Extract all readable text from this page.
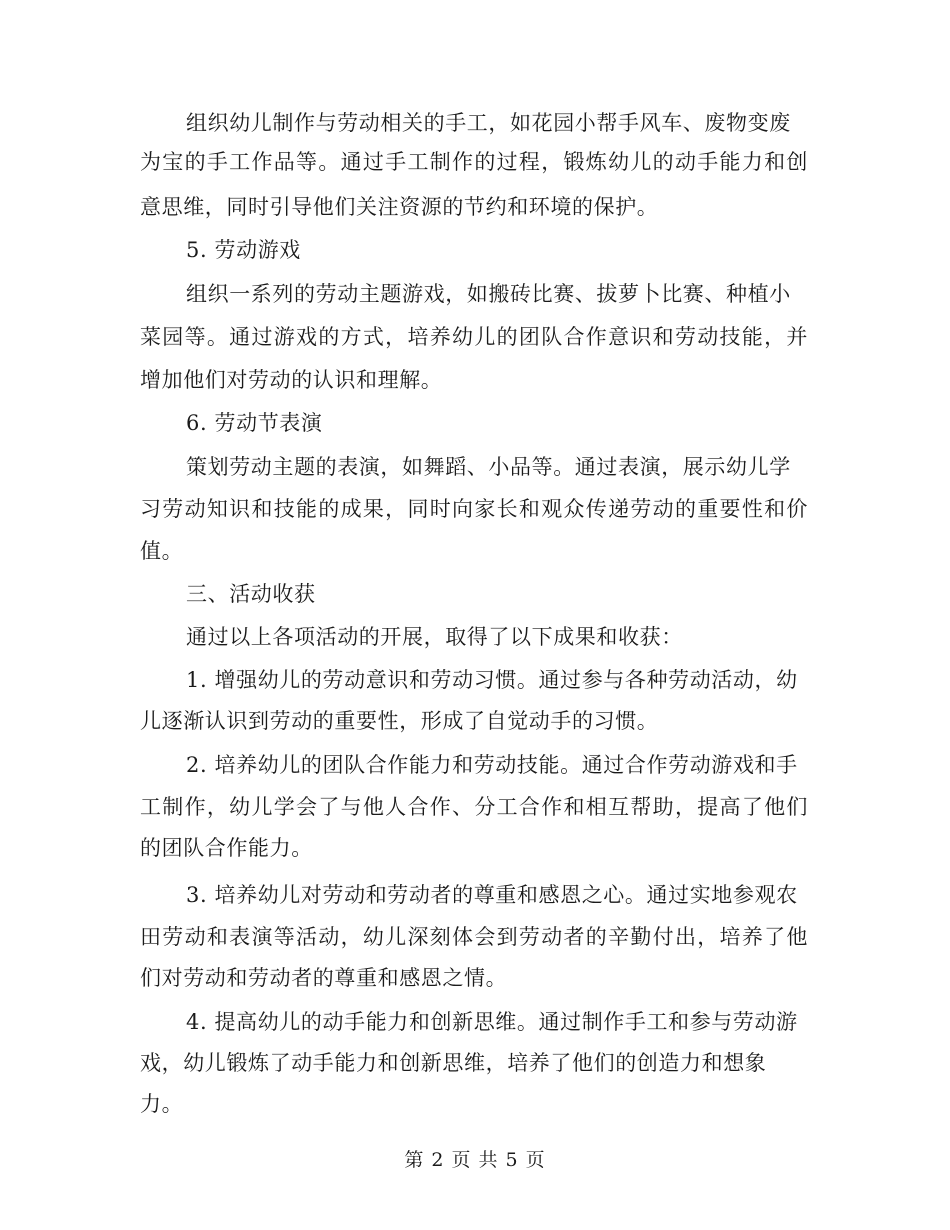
组织幼儿制作与劳动相关的手工，如花园小帮手风车、废物变废
为宝的手工作品等。通过手工制作的过程，锻炼幼儿的动手能力和创
意思维，同时引导他们关注资源的节约和环境的保护。
5. 劳动游戏
组织一系列的劳动主题游戏，如搬砖比赛、拔萝卜比赛、种植小
菜园等。通过游戏的方式，培养幼儿的团队合作意识和劳动技能，并
增加他们对劳动的认识和理解。
6. 劳动节表演
策划劳动主题的表演，如舞蹈、小品等。通过表演，展示幼儿学
习劳动知识和技能的成果，同时向家长和观众传递劳动的重要性和价
值。
三、活动收获
通过以上各项活动的开展，取得了以下成果和收获：
1. 增强幼儿的劳动意识和劳动习惯。通过参与各种劳动活动，幼
儿逐渐认识到劳动的重要性，形成了自觉动手的习惯。
2. 培养幼儿的团队合作能力和劳动技能。通过合作劳动游戏和手
工制作，幼儿学会了与他人合作、分工合作和相互帮助，提高了他们
的团队合作能力。
3. 培养幼儿对劳动和劳动者的尊重和感恩之心。通过实地参观农
田劳动和表演等活动，幼儿深刻体会到劳动者的辛勤付出，培养了他
们对劳动和劳动者的尊重和感恩之情。
4. 提高幼儿的动手能力和创新思维。通过制作手工和参与劳动游
戏，幼儿锻炼了动手能力和创新思维，培养了他们的创造力和想象
力。
第 2 页 共 5 页
